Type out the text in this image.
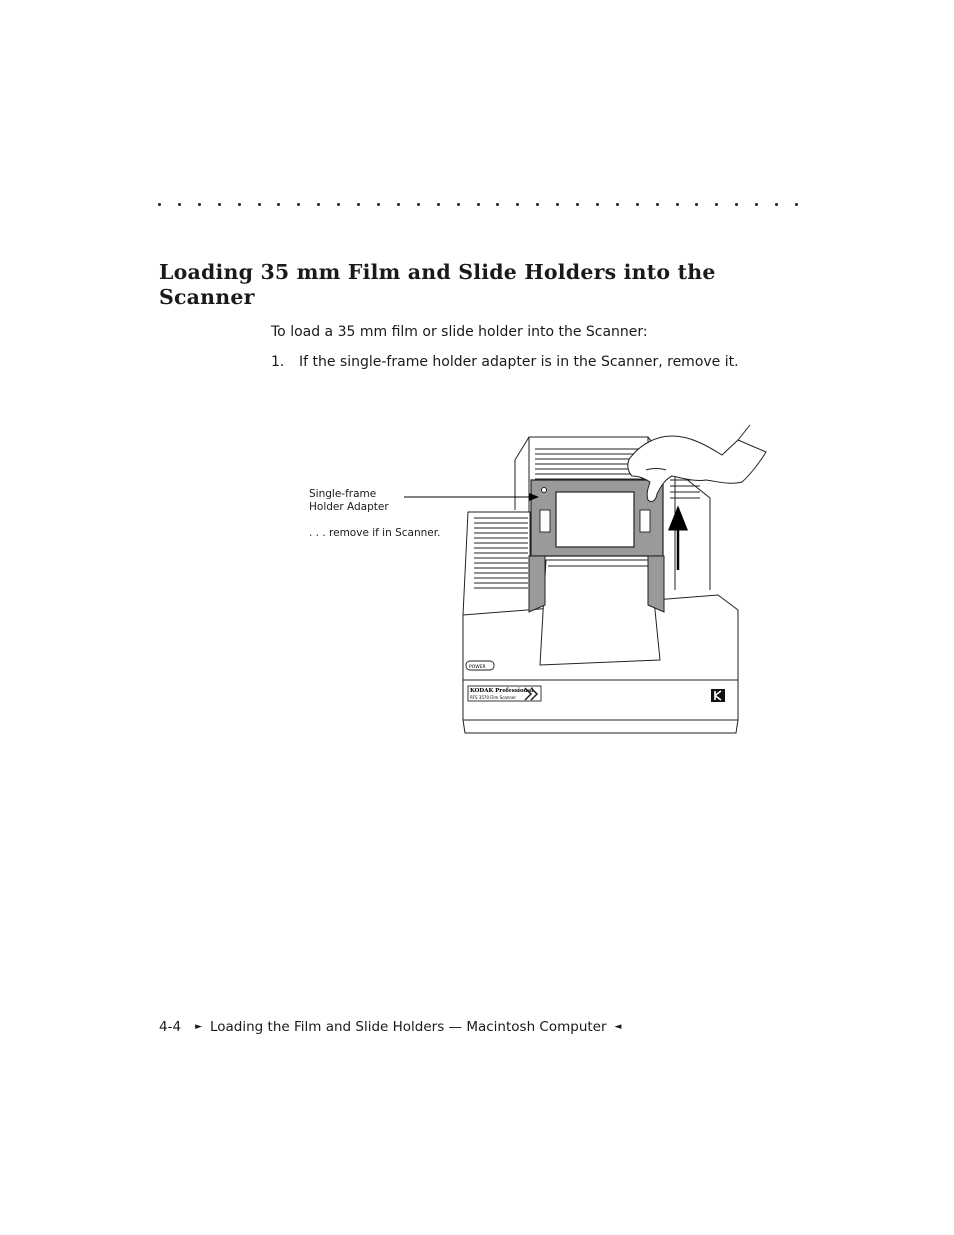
Loading 35 mm Film and Slide Holders into the Scanner

To load a 35 mm film or slide holder into the Scanner:

1.	If the single-frame holder adapter is in the Scanner, remove it.
Single-frame
Holder Adapter
. . . remove if in Scanner.
POWER
KODAK Professional
RFS 3570 Film Scanner
4-4 ► Loading the Film and Slide Holders — Macintosh Computer ◄
